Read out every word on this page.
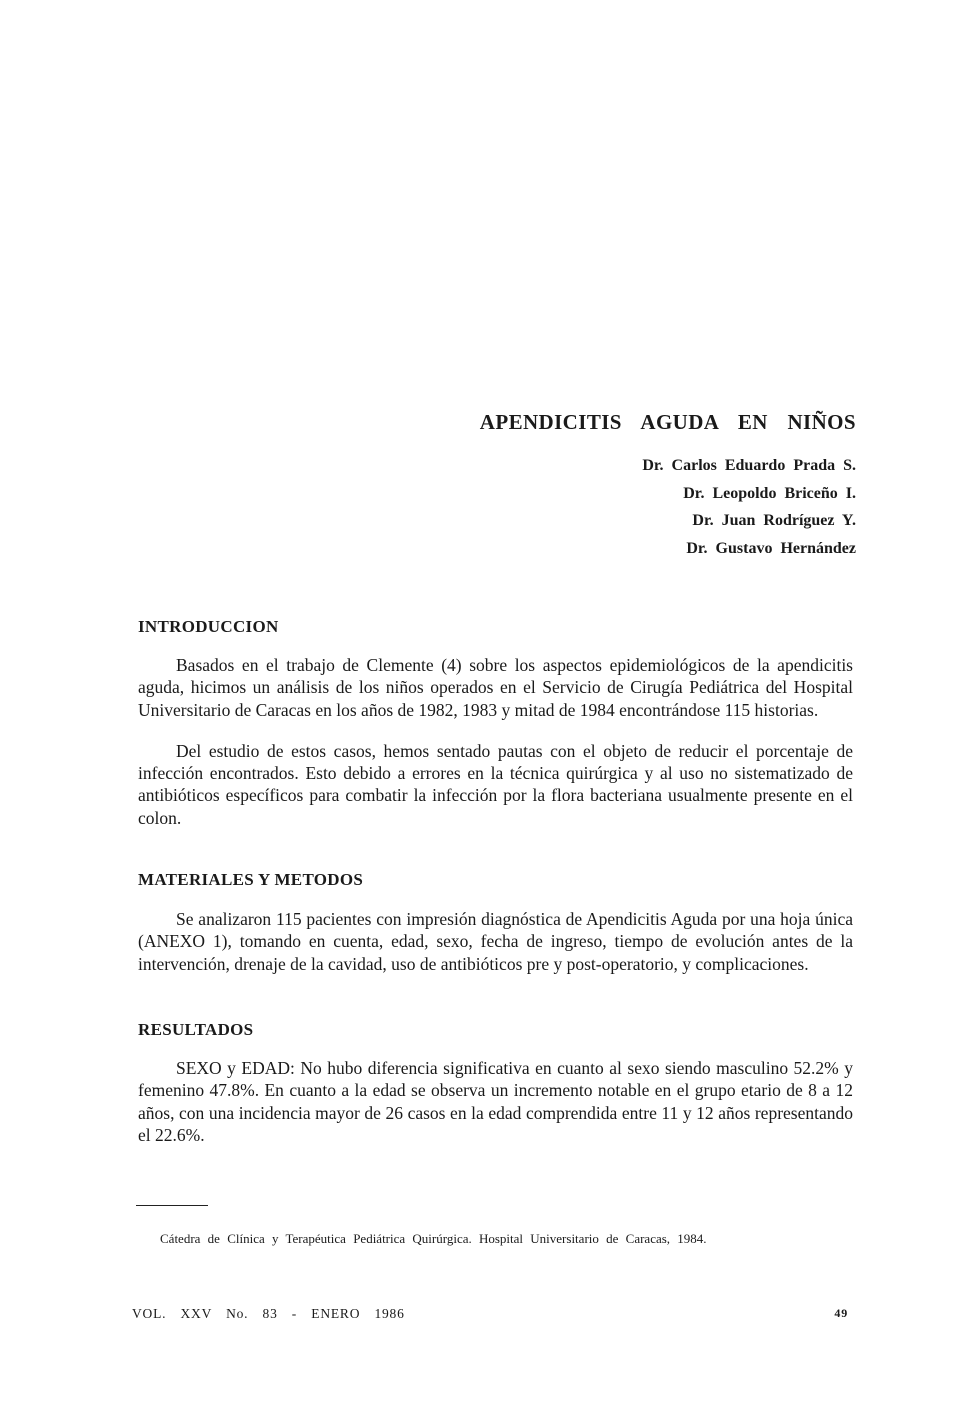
APENDICITIS AGUDA EN NIÑOS
Dr. Carlos Eduardo Prada S.
Dr. Leopoldo Briceño I.
Dr. Juan Rodríguez Y.
Dr. Gustavo Hernández
INTRODUCCION

Basados en el trabajo de Clemente (4) sobre los aspectos epidemiológicos de la apendicitis aguda, hicimos un análisis de los niños operados en el Servicio de Cirugía Pediátrica del Hospital Universitario de Caracas en los años de 1982, 1983 y mitad de 1984 encontrándose 115 historias.

Del estudio de estos casos, hemos sentado pautas con el objeto de reducir el porcentaje de infección encontrados. Esto debido a errores en la técnica quirúrgica y al uso no sistematizado de antibióticos específicos para combatir la infección por la flora bacteriana usualmente presente en el colon.

MATERIALES Y METODOS

Se analizaron 115 pacientes con impresión diagnóstica de Apendicitis Aguda por una hoja única (ANEXO 1), tomando en cuenta, edad, sexo, fecha de ingreso, tiempo de evolución antes de la intervención, drenaje de la cavidad, uso de antibióticos pre y post-operatorio, y complicaciones.

RESULTADOS

SEXO y EDAD: No hubo diferencia significativa en cuanto al sexo siendo masculino 52.2% y femenino 47.8%. En cuanto a la edad se observa un incremento notable en el grupo etario de 8 a 12 años, con una incidencia mayor de 26 casos en la edad comprendida entre 11 y 12 años representando el 22.6%.

Cátedra de Clínica y Terapéutica Pediátrica Quirúrgica. Hospital Universitario de Caracas, 1984.
VOL. XXV No. 83 - ENERO 1986	49
